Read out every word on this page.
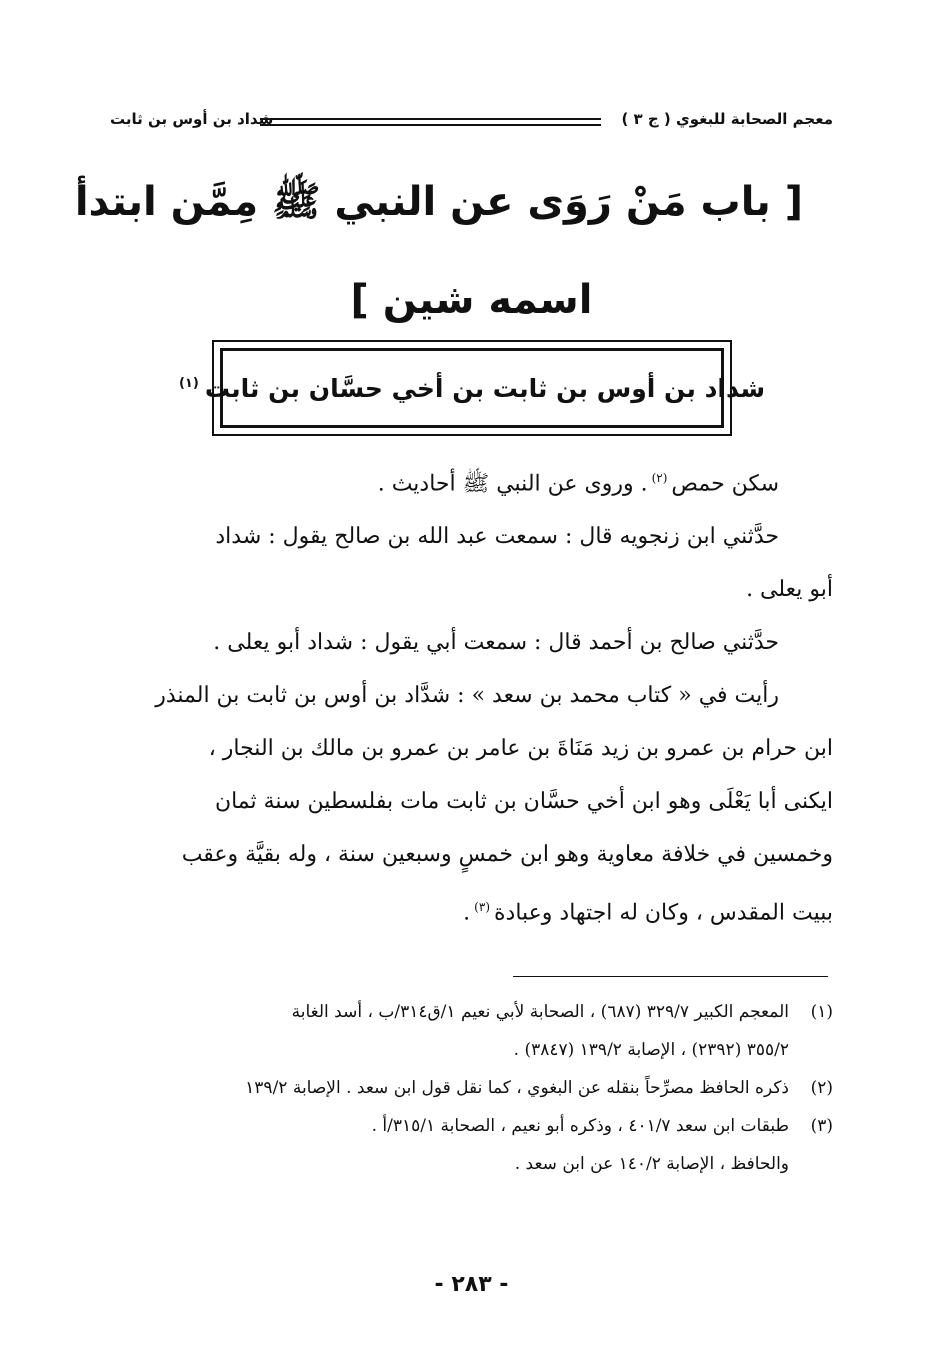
معجم الصحابة للبغوي ( ج ٣ )
شداد بن أوس بن ثابت
[ باب مَنْ رَوَى عن النبي ﷺ مِمَّن ابتدأ
اسمه شين ]
شداد بن أوس بن ثابت بن أخي حسَّان بن ثابت$^{(١)}$

سكن حمص$^{(٢)}$. وروى عن النبي ﷺ أحاديث .

حدَّثني ابن زنجويه قال : سمعت عبد الله بن صالح يقول : شداد

أبو يعلى .

حدَّثني صالح بن أحمد قال : سمعت أبي يقول : شداد أبو يعلى .

رأيت في « كتاب محمد بن سعد » : شدَّاد بن أوس بن ثابت بن المنذر

ابن حرام بن عمرو بن زيد مَنَاةَ بن عامر بن عمرو بن مالك بن النجار ،

ايكنى أبا يَعْلَى وهو ابن أخي حسَّان بن ثابت مات بفلسطين سنة ثمان

وخمسين في خلافة معاوية وهو ابن خمسٍ وسبعين سنة ، وله بقيَّة وعقب

ببيت المقدس ، وكان له اجتهاد وعبادة$^{(٣)}$.

(١)
المعجم الكبير ٣٢٩/٧ (٦٨٧) ، الصحابة لأبي نعيم ١/ق٣١٤/ب ، أسد الغابة
٣٥٥/٢ (٢٣٩٢) ، الإصابة ١٣٩/٢ (٣٨٤٧) .
(٢)
ذكره الحافظ مصرِّحاً بنقله عن البغوي ، كما نقل قول ابن سعد . الإصابة ١٣٩/٢
(٣)
طبقات ابن سعد ٤٠١/٧ ، وذكره أبو نعيم ، الصحابة ٣١٥/١/أ .
والحافظ ، الإصابة ١٤٠/٢ عن ابن سعد .
- ٢٨٣ -
